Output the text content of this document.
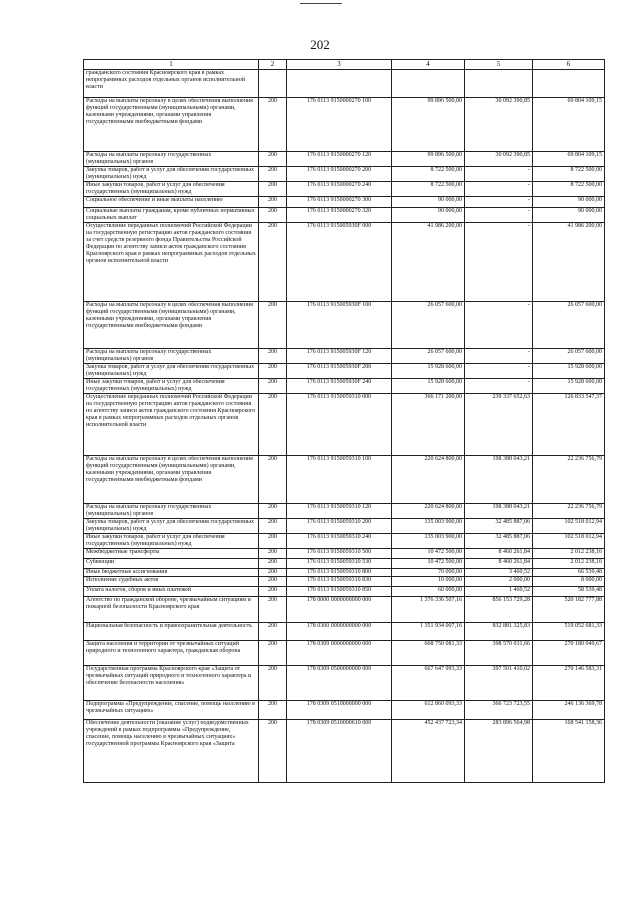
202
1	2	3	4	5	6
гражданского состояния Красноярского края в рамках непрограммных расходов отдельных органов исполнительной власти					
Расходы на выплаты персоналу в целях обеспечения выполнения функций государственными (муниципальными) органами, казенными учреждениями, органами управления государственными внебюджетными фондами	200	176 0113 9150000270 100	99 896 500,00	30 092 390,85	69 804 109,15
Расходы на выплаты персоналу государственных (муниципальных) органов	200	176 0113 9150000270 120	99 896 500,00	30 092 390,85	69 804 109,15
Закупка товаров, работ и услуг для обеспечения государственных (муниципальных) нужд	200	176 0113 9150000270 200	8 722 500,00	-	8 722 500,00
Иные закупки товаров, работ и услуг для обеспечения государственных (муниципальных) нужд	200	176 0113 9150000270 240	8 722 500,00	-	8 722 500,00
Социальное обеспечение и иные выплаты населению	200	176 0113 9150000270 300	90 000,00	-	90 000,00
Социальные выплаты гражданам, кроме публичных нормативных социальных выплат	200	176 0113 9150000270 320	90 000,00	-	90 000,00
Осуществление переданных полномочий Российской Федерации на государственную регистрацию актов гражданского состояния за счет средств резервного фонда Правительства Российской Федерации по агентству записи актов гражданского состояния Красноярского края в рамках непрограммных расходов отдельных органов исполнительной власти	200	176 0113 915005930F 000	41 986 200,00	-	41 986 200,00
Расходы на выплаты персоналу в целях обеспечения выполнения функций государственными (муниципальными) органами, казенными учреждениями, органами управления государственными внебюджетными фондами	200	176 0113 915005930F 100	26 057 600,00	-	26 057 600,00
Расходы на выплаты персоналу государственных (муниципальных) органов	200	176 0113 915005930F 120	26 057 600,00	-	26 057 600,00
Закупка товаров, работ и услуг для обеспечения государственных (муниципальных) нужд	200	176 0113 915005930F 200	15 928 600,00	-	15 928 600,00
Иные закупки товаров, работ и услуг для обеспечения государственных (муниципальных) нужд	200	176 0113 915005930F 240	15 928 600,00	-	15 928 600,00
Осуществление переданных полномочий Российской Федерации на государственную регистрацию актов гражданского состояния по агентству записи актов гражданского состояния Красноярского края в рамках непрограммных расходов отдельных органов исполнительной власти	200	176 0113 9150059310 000	366 171 200,00	239 337 652,63	126 833 547,37
Расходы на выплаты персоналу в целях обеспечения выполнения функций государственными (муниципальными) органами, казенными учреждениями, органами управления государственными внебюджетными фондами	200	176 0113 9150059310 100	220 624 800,00	198 388 043,21	22 236 756,79
Расходы на выплаты персоналу государственных (муниципальных) органов	200	176 0113 9150059310 120	220 624 800,00	198 388 043,21	22 236 756,79
Закупка товаров, работ и услуг для обеспечения государственных (муниципальных) нужд	200	176 0113 9150059310 200	135 003 900,00	32 485 887,06	102 518 012,94
Иные закупки товаров, работ и услуг для обеспечения государственных (муниципальных) нужд	200	176 0113 9150059310 240	135 003 900,00	32 485 887,06	102 518 012,94
Межбюджетные трансферты	200	176 0113 9150059310 500	10 472 500,00	8 460 261,84	2 012 238,16
Субвенции	200	176 0113 9150059310 530	10 472 500,00	8 460 261,84	2 012 238,16
Иные бюджетные ассигнования	200	176 0113 9150059310 800	70 000,00	3 460,52	66 539,48
Исполнение судебных актов	200	176 0113 9150059310 830	10 000,00	2 000,00	8 000,00
Уплата налогов, сборов и иных платежей	200	176 0113 9150059310 850	60 000,00	1 460,52	58 539,48
Агентство по гражданской обороне, чрезвычайным ситуациям и пожарной безопасности Красноярского края	200	178 0000 0000000000 000	1 376 336 507,16	856 153 729,28	520 182 777,88
Национальная безопасность и правоохранительная деятельность	200	178 0300 0000000000 000	1 351 934 007,16	832 881 325,83	519 052 681,33
Защита населения и территории от чрезвычайных ситуаций природного и техногенного характера, гражданская оборона	200	178 0309 0000000000 000	668 750 081,33	398 570 031,66	270 180 049,67
Государственная программа Красноярского края «Защита от чрезвычайных ситуаций природного и техногенного характера и обеспечение безопасности населения»	200	178 0309 0500000000 000	667 647 993,33	397 501 410,02	270 146 583,31
Подпрограмма «Предупреждение, спасение, помощь населению в чрезвычайных ситуациях»	200	178 0309 0510000000 000	612 860 093,33	366 723 723,55	246 136 369,78
Обеспечение деятельности (оказание услуг) подведомственных учреждений в рамках подпрограммы «Предупреждение, спасение, помощь населению в чрезвычайных ситуациях» государственной программы Красноярского края «Защита	200	178 0309 0510000610 000	452 437 723,34	283 896 564,98	168 541 158,36
